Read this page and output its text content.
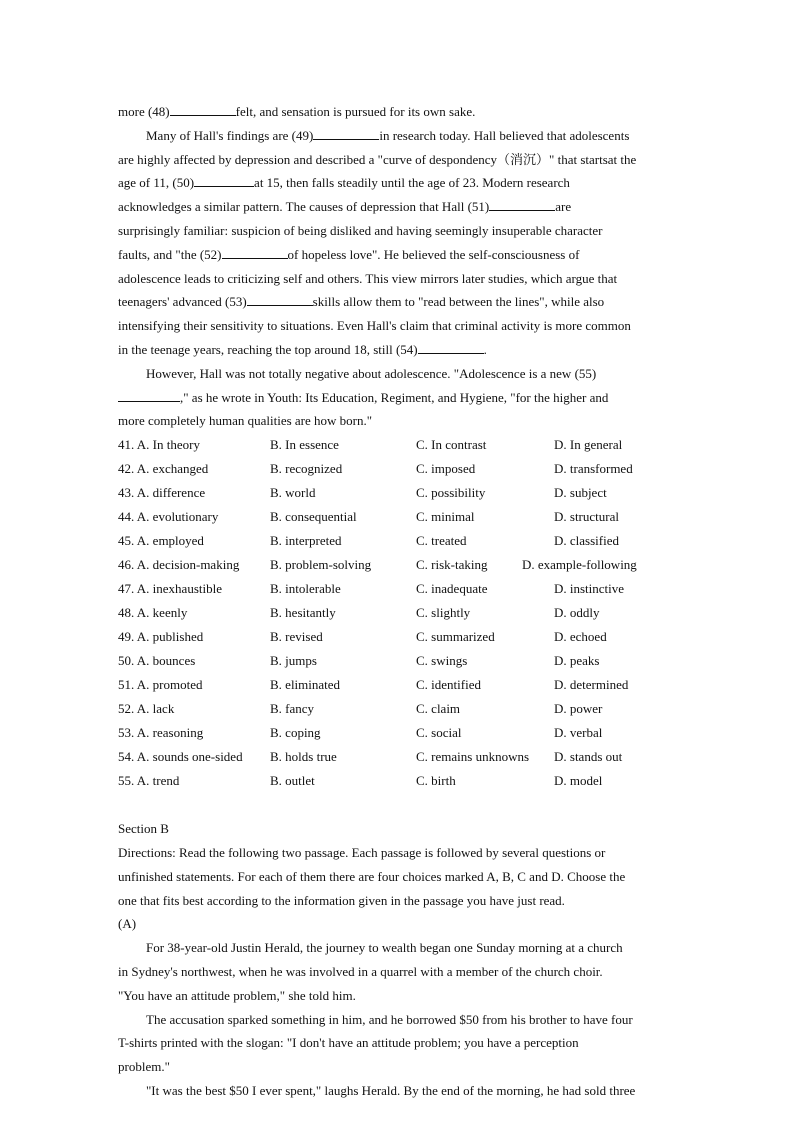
more (48)	felt, and sensation is pursued for its own sake.
Many of Hall's findings are (49)	in research today. Hall believed that adolescents
are highly affected by depression and described a "curve of despondency（消沉）" that startsat the
age of 11, (50)	at 15, then falls steadily until the age of 23. Modern research
acknowledges a similar pattern. The causes of depression that Hall (51)	are
surprisingly familiar: suspicion of being disliked and having seemingly insuperable character
faults, and "the (52)	of hopeless love". He believed the self-consciousness of
adolescence leads to criticizing self and others. This view mirrors later studies, which argue that
teenagers' advanced (53)	skills allow them to "read between the lines", while also
intensifying their sensitivity to situations. Even Hall's claim that criminal activity is more common
in the teenage years, reaching the top around 18, still (54)	.
However, Hall was not totally negative about adolescence. "Adolescence is a new (55)
," as he wrote in Youth: Its Education, Regiment, and Hygiene, "for the higher and
more completely human qualities are how born."
41. A. In theory	B. In essence	C. In contrast	D. In general
42. A. exchanged	B. recognized	C. imposed	D. transformed
43. A. difference	B. world	C. possibility	D. subject
44. A. evolutionary	B. consequential	C. minimal	D. structural
45. A. employed	B. interpreted	C. treated	D. classified
46. A. decision-making	B. problem-solving	C. risk-taking	D. example-following
47. A. inexhaustible	B. intolerable	C. inadequate	D. instinctive
48. A. keenly	B. hesitantly	C. slightly	D. oddly
49. A. published	B. revised	C. summarized	D. echoed
50. A. bounces	B. jumps	C. swings	D. peaks
51. A. promoted	B. eliminated	C. identified	D. determined
52. A. lack	B. fancy	C. claim	D. power
53. A. reasoning	B. coping	C. social	D. verbal
54. A. sounds one-sided	B. holds true	C. remains unknowns	D. stands out
55. A. trend	B. outlet	C. birth	D. model
Section B
Directions: Read the following two passage. Each passage is followed by several questions or
unfinished statements. For each of them there are four choices marked A, B, C and D. Choose the
one that fits best according to the information given in the passage you have just read.
(A)
For 38-year-old Justin Herald, the journey to wealth began one Sunday morning at a church
in Sydney's northwest, when he was involved in a quarrel with a member of the church choir.
"You have an attitude problem," she told him.
The accusation sparked something in him, and he borrowed $50 from his brother to have four
T-shirts printed with the slogan: "I don't have an attitude problem; you have a perception
problem."
"It was the best $50 I ever spent," laughs Herald. By the end of the morning, he had sold three
